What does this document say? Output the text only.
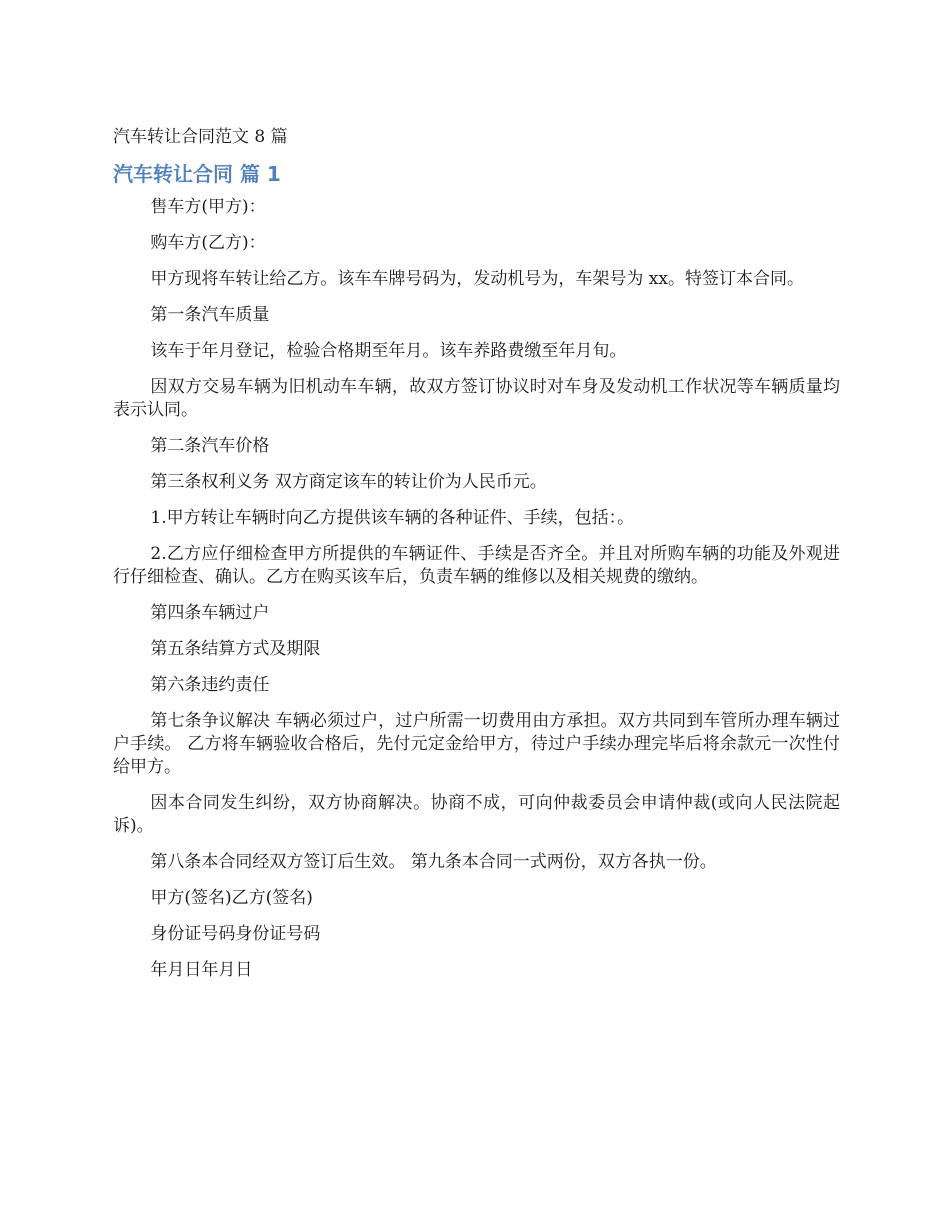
汽车转让合同范文 8 篇
汽车转让合同 篇 1

售车方(甲方)：

购车方(乙方)：

甲方现将车转让给乙方。该车车牌号码为，发动机号为，车架号为 xx。特签订本合同。

第一条汽车质量

该车于年月登记，检验合格期至年月。该车养路费缴至年月旬。

因双方交易车辆为旧机动车车辆，故双方签订协议时对车身及发动机工作状况等车辆质量均表示认同。

第二条汽车价格

第三条权利义务 双方商定该车的转让价为人民币元。

1.甲方转让车辆时向乙方提供该车辆的各种证件、手续，包括：。

2.乙方应仔细检查甲方所提供的车辆证件、手续是否齐全。并且对所购车辆的功能及外观进行仔细检查、确认。乙方在购买该车后，负责车辆的维修以及相关规费的缴纳。

第四条车辆过户

第五条结算方式及期限

第六条违约责任

第七条争议解决 车辆必须过户，过户所需一切费用由方承担。双方共同到车管所办理车辆过户手续。 乙方将车辆验收合格后，先付元定金给甲方，待过户手续办理完毕后将余款元一次性付给甲方。

因本合同发生纠纷，双方协商解决。协商不成，可向仲裁委员会申请仲裁(或向人民法院起诉)。

第八条本合同经双方签订后生效。 第九条本合同一式两份，双方各执一份。

甲方(签名)乙方(签名)

身份证号码身份证号码

年月日年月日
